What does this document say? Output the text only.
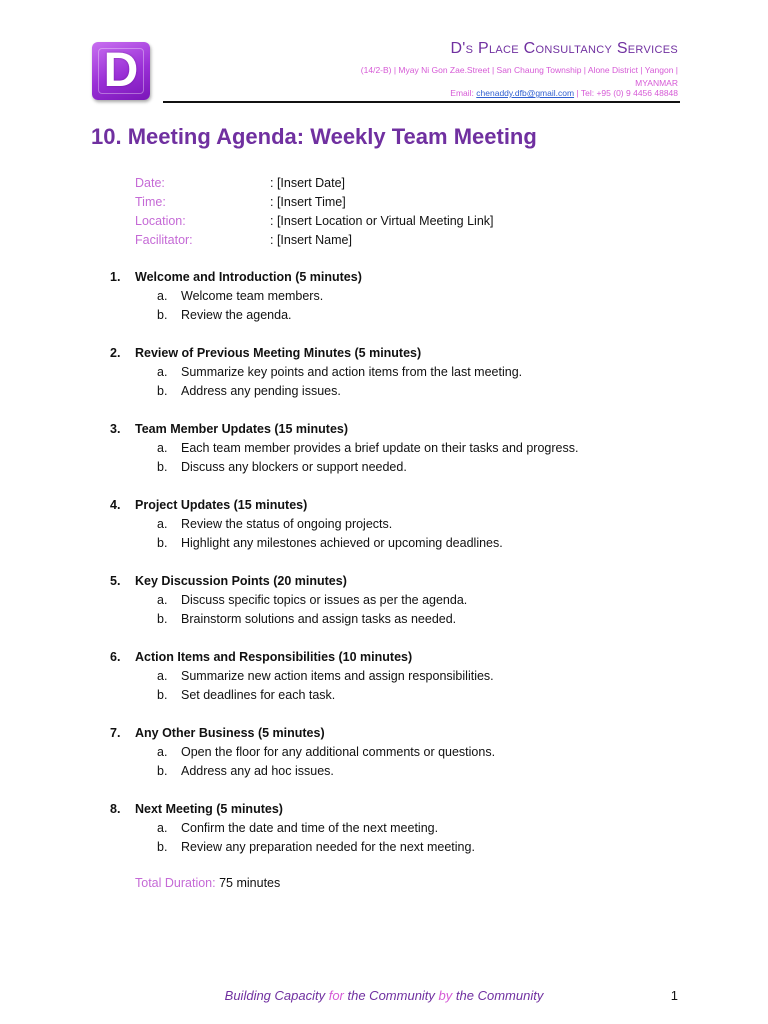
D	D's Place Consultancy Services
(14/2-B) | Myay Ni Gon Zae.Street | San Chaung Township | Alone District | Yangon | MYANMAR
Email: chenaddy.dfb@gmail.com | Tel: +95 (0) 9 4456 48848
10. Meeting Agenda: Weekly Team Meeting
Date:	: [Insert Date]
Time:	: [Insert Time]
Location:	: [Insert Location or Virtual Meeting Link]
Facilitator:	: [Insert Name]
1. Welcome and Introduction (5 minutes)
a. Welcome team members.
b. Review the agenda.
2. Review of Previous Meeting Minutes (5 minutes)
a. Summarize key points and action items from the last meeting.
b. Address any pending issues.
3. Team Member Updates (15 minutes)
a. Each team member provides a brief update on their tasks and progress.
b. Discuss any blockers or support needed.
4. Project Updates (15 minutes)
a. Review the status of ongoing projects.
b. Highlight any milestones achieved or upcoming deadlines.
5. Key Discussion Points (20 minutes)
a. Discuss specific topics or issues as per the agenda.
b. Brainstorm solutions and assign tasks as needed.
6. Action Items and Responsibilities (10 minutes)
a. Summarize new action items and assign responsibilities.
b. Set deadlines for each task.
7. Any Other Business (5 minutes)
a. Open the floor for any additional comments or questions.
b. Address any ad hoc issues.
8. Next Meeting (5 minutes)
a. Confirm the date and time of the next meeting.
b. Review any preparation needed for the next meeting.
Total Duration: 75 minutes
Building Capacity for the Community by the Community	1
